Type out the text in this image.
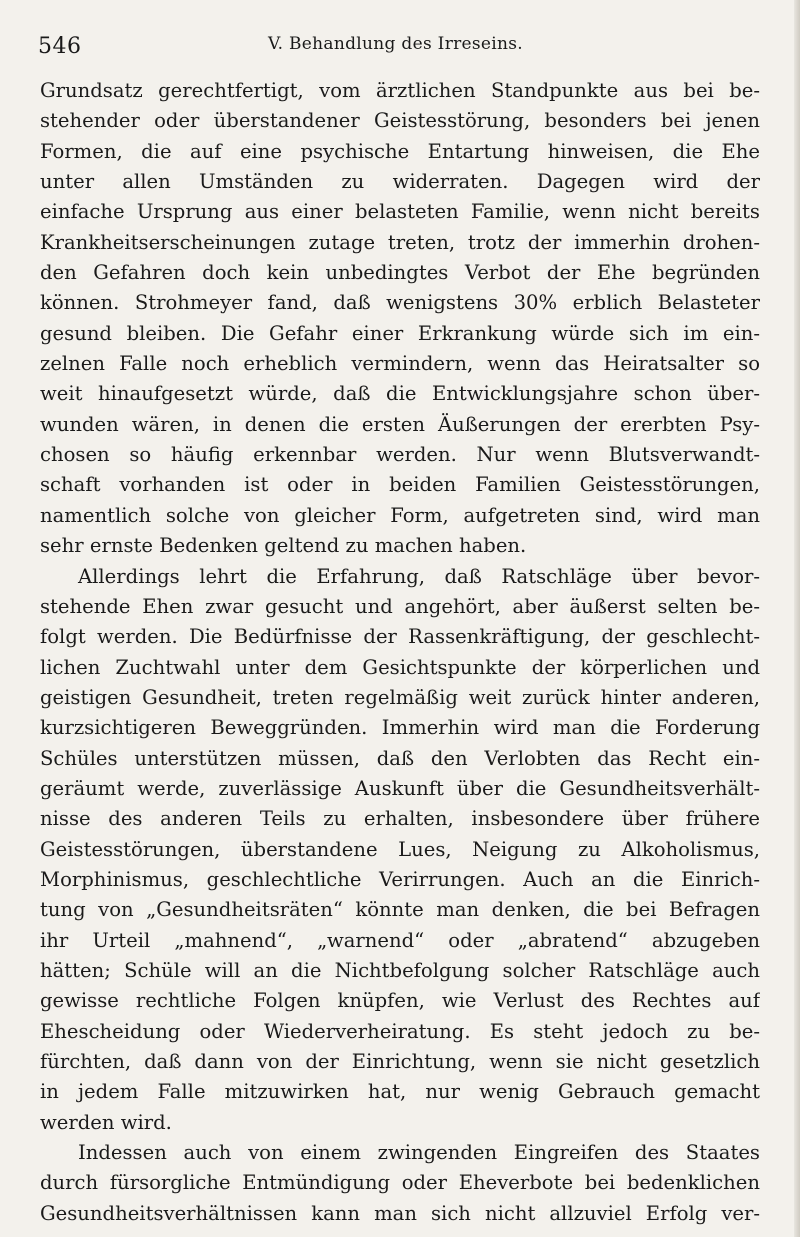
546	V. Behandlung des Irreseins.
Grundsatz gerechtfertigt, vom ärztlichen Standpunkte aus bei be-
stehender oder überstandener Geistesstörung, besonders bei jenen
Formen, die auf eine psychische Entartung hinweisen, die Ehe
unter allen Umständen zu widerraten. Dagegen wird der
einfache Ursprung aus einer belasteten Familie, wenn nicht bereits
Krankheitserscheinungen zutage treten, trotz der immerhin drohen-
den Gefahren doch kein unbedingtes Verbot der Ehe begründen
können. Strohmeyer fand, daß wenigstens 30% erblich Belasteter
gesund bleiben. Die Gefahr einer Erkrankung würde sich im ein-
zelnen Falle noch erheblich vermindern, wenn das Heiratsalter so
weit hinaufgesetzt würde, daß die Entwicklungsjahre schon über-
wunden wären, in denen die ersten Äußerungen der ererbten Psy-
chosen so häufig erkennbar werden. Nur wenn Blutsverwandt-
schaft vorhanden ist oder in beiden Familien Geistesstörungen,
namentlich solche von gleicher Form, aufgetreten sind, wird man
sehr ernste Bedenken geltend zu machen haben.
Allerdings lehrt die Erfahrung, daß Ratschläge über bevor-
stehende Ehen zwar gesucht und angehört, aber äußerst selten be-
folgt werden. Die Bedürfnisse der Rassenkräftigung, der geschlecht-
lichen Zuchtwahl unter dem Gesichtspunkte der körperlichen und
geistigen Gesundheit, treten regelmäßig weit zurück hinter anderen,
kurzsichtigeren Beweggründen. Immerhin wird man die Forderung
Schüles unterstützen müssen, daß den Verlobten das Recht ein-
geräumt werde, zuverlässige Auskunft über die Gesundheitsverhält-
nisse des anderen Teils zu erhalten, insbesondere über frühere
Geistesstörungen, überstandene Lues, Neigung zu Alkoholismus,
Morphinismus, geschlechtliche Verirrungen. Auch an die Einrich-
tung von „Gesundheitsräten“ könnte man denken, die bei Befragen
ihr Urteil „mahnend“, „warnend“ oder „abratend“ abzugeben
hätten; Schüle will an die Nichtbefolgung solcher Ratschläge auch
gewisse rechtliche Folgen knüpfen, wie Verlust des Rechtes auf
Ehescheidung oder Wiederverheiratung. Es steht jedoch zu be-
fürchten, daß dann von der Einrichtung, wenn sie nicht gesetzlich
in jedem Falle mitzuwirken hat, nur wenig Gebrauch gemacht
werden wird.
Indessen auch von einem zwingenden Eingreifen des Staates
durch fürsorgliche Entmündigung oder Eheverbote bei bedenklichen
Gesundheitsverhältnissen kann man sich nicht allzuviel Erfolg ver-
